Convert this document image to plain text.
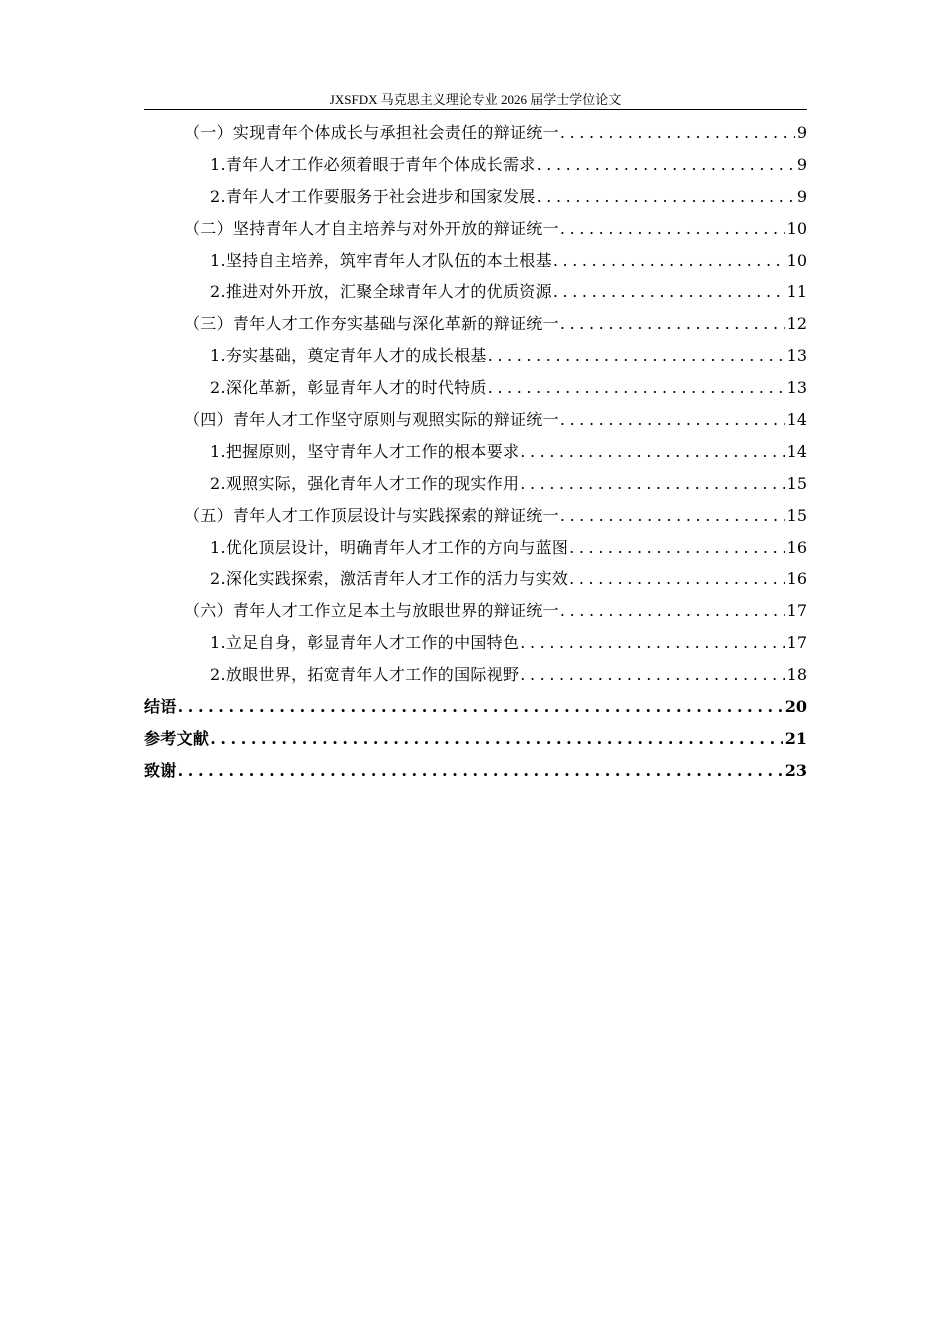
JXSFDX 马克思主义理论专业 2026 届学士学位论文
（一）实现青年个体成长与承担社会责任的辩证统一 .....	9
1.青年人才工作必须着眼于青年个体成长需求 .....	9
2.青年人才工作要服务于社会进步和国家发展 .....	9
（二）坚持青年人才自主培养与对外开放的辩证统一 .....	10
1.坚持自主培养，筑牢青年人才队伍的本土根基 .....	10
2.推进对外开放，汇聚全球青年人才的优质资源 .....	11
（三）青年人才工作夯实基础与深化革新的辩证统一 .....	12
1.夯实基础，奠定青年人才的成长根基 .....	13
2.深化革新，彰显青年人才的时代特质 .....	13
（四）青年人才工作坚守原则与观照实际的辩证统一 .....	14
1.把握原则，坚守青年人才工作的根本要求 .....	14
2.观照实际，强化青年人才工作的现实作用 .....	15
（五）青年人才工作顶层设计与实践探索的辩证统一 .....	15
1.优化顶层设计，明确青年人才工作的方向与蓝图 .....	16
2.深化实践探索，激活青年人才工作的活力与实效 .....	16
（六）青年人才工作立足本土与放眼世界的辩证统一 .....	17
1.立足自身，彰显青年人才工作的中国特色 .....	17
2.放眼世界，拓宽青年人才工作的国际视野 .....	18
结语 .....	20
参考文献 .....	21
致谢 .....	23
